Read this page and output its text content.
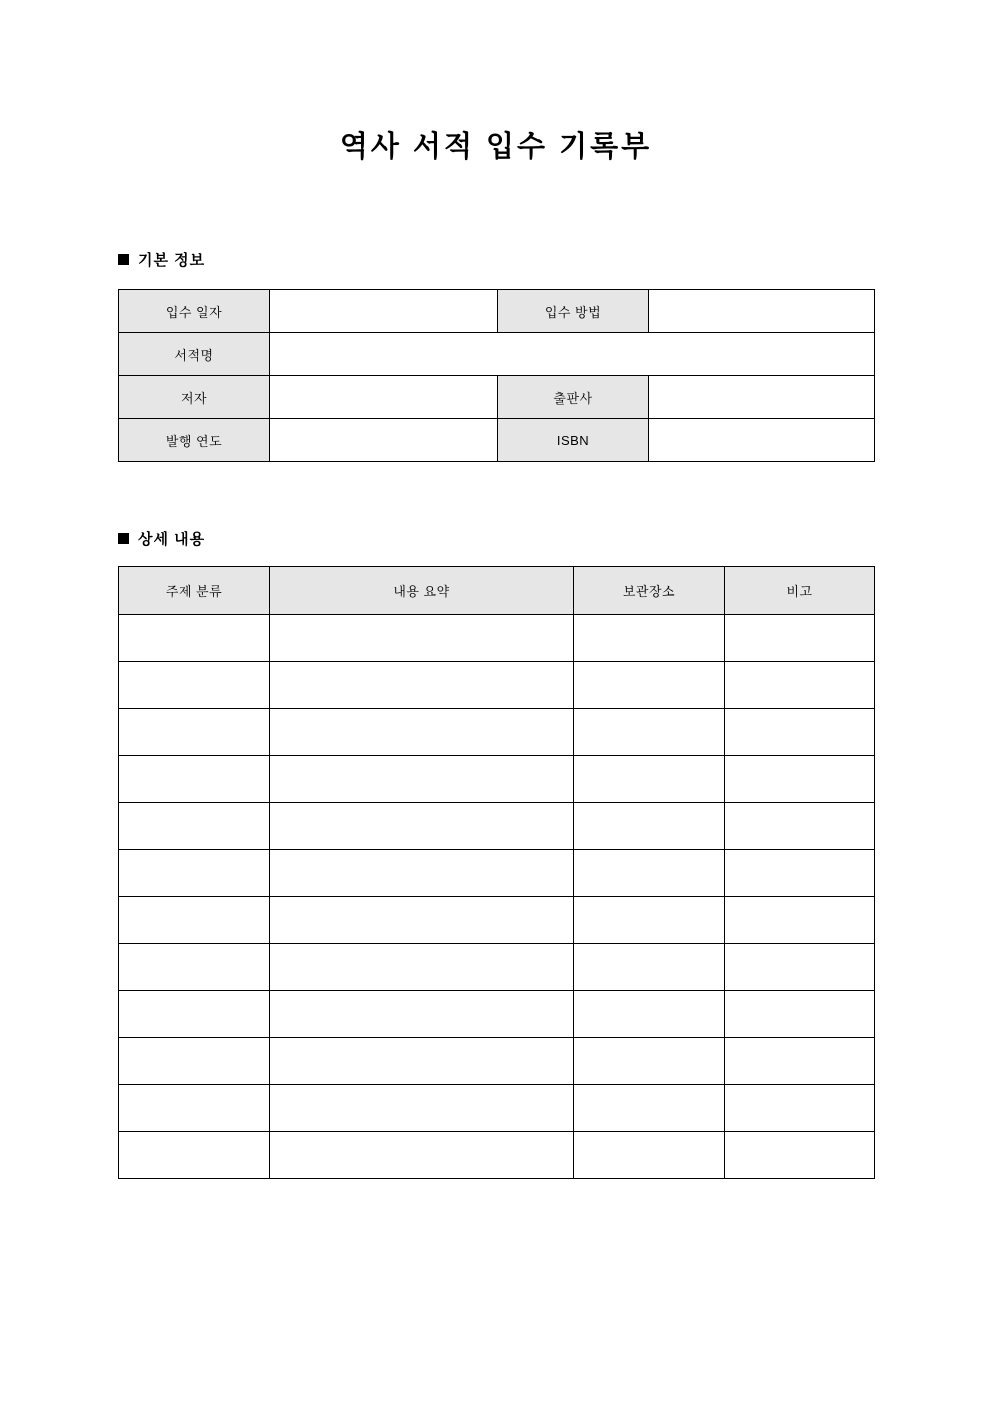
역사 서적 입수 기록부
기본 정보
입수 일자		입수 방법	
서적명			
저자		출판사	
발행 연도		ISBN	
상세 내용
주제 분류	내용 요약	보관장소	비고
